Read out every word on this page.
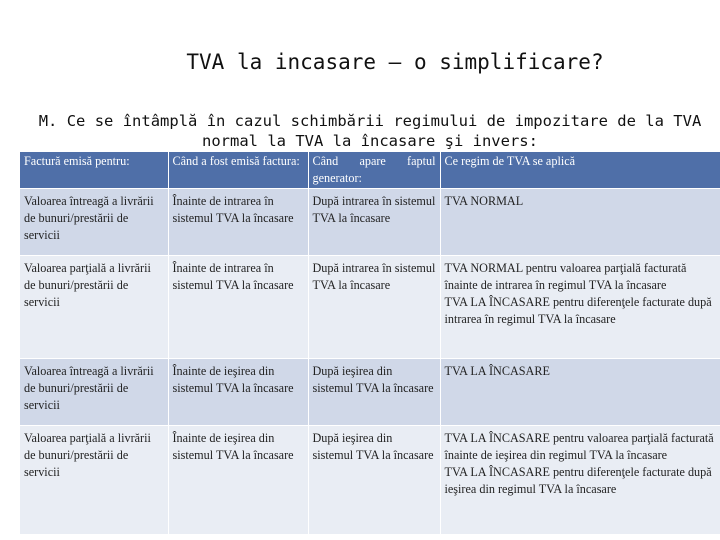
TVA la incasare – o simplificare?
M. Ce se întâmplă în cazul schimbării regimului de impozitare de la TVA normal la TVA la încasare şi invers:
Factură emisă pentru:	Când a fost emisă factura:	Când apare faptul generator:	Ce regim de TVA se aplică
Valoarea întreagă a livrării de bunuri/prestării de servicii	Înainte de intrarea în sistemul TVA la încasare	După intrarea în sistemul TVA la încasare	TVA NORMAL

Valoarea parţială a livrării de bunuri/prestării de servicii	Înainte de intrarea în sistemul TVA la încasare	După intrarea în sistemul TVA la încasare	TVA NORMAL pentru valoarea parţială facturată înainte de intrarea în regimul TVA la încasare
TVA LA ÎNCASARE pentru diferenţele facturate după intrarea în regimul TVA la încasare

Valoarea întreagă a livrării de bunuri/prestării de servicii	Înainte de ieşirea din sistemul TVA la încasare	După ieşirea din sistemul TVA la încasare	TVA LA ÎNCASARE

Valoarea parţială a livrării de bunuri/prestării de servicii	Înainte de ieşirea din sistemul TVA la încasare	După ieşirea din sistemul TVA la încasare	TVA LA ÎNCASARE pentru valoarea parţială facturată înainte de ieşirea din regimul TVA la încasare
TVA LA ÎNCASARE pentru diferenţele facturate după ieşirea din regimul TVA la încasare
